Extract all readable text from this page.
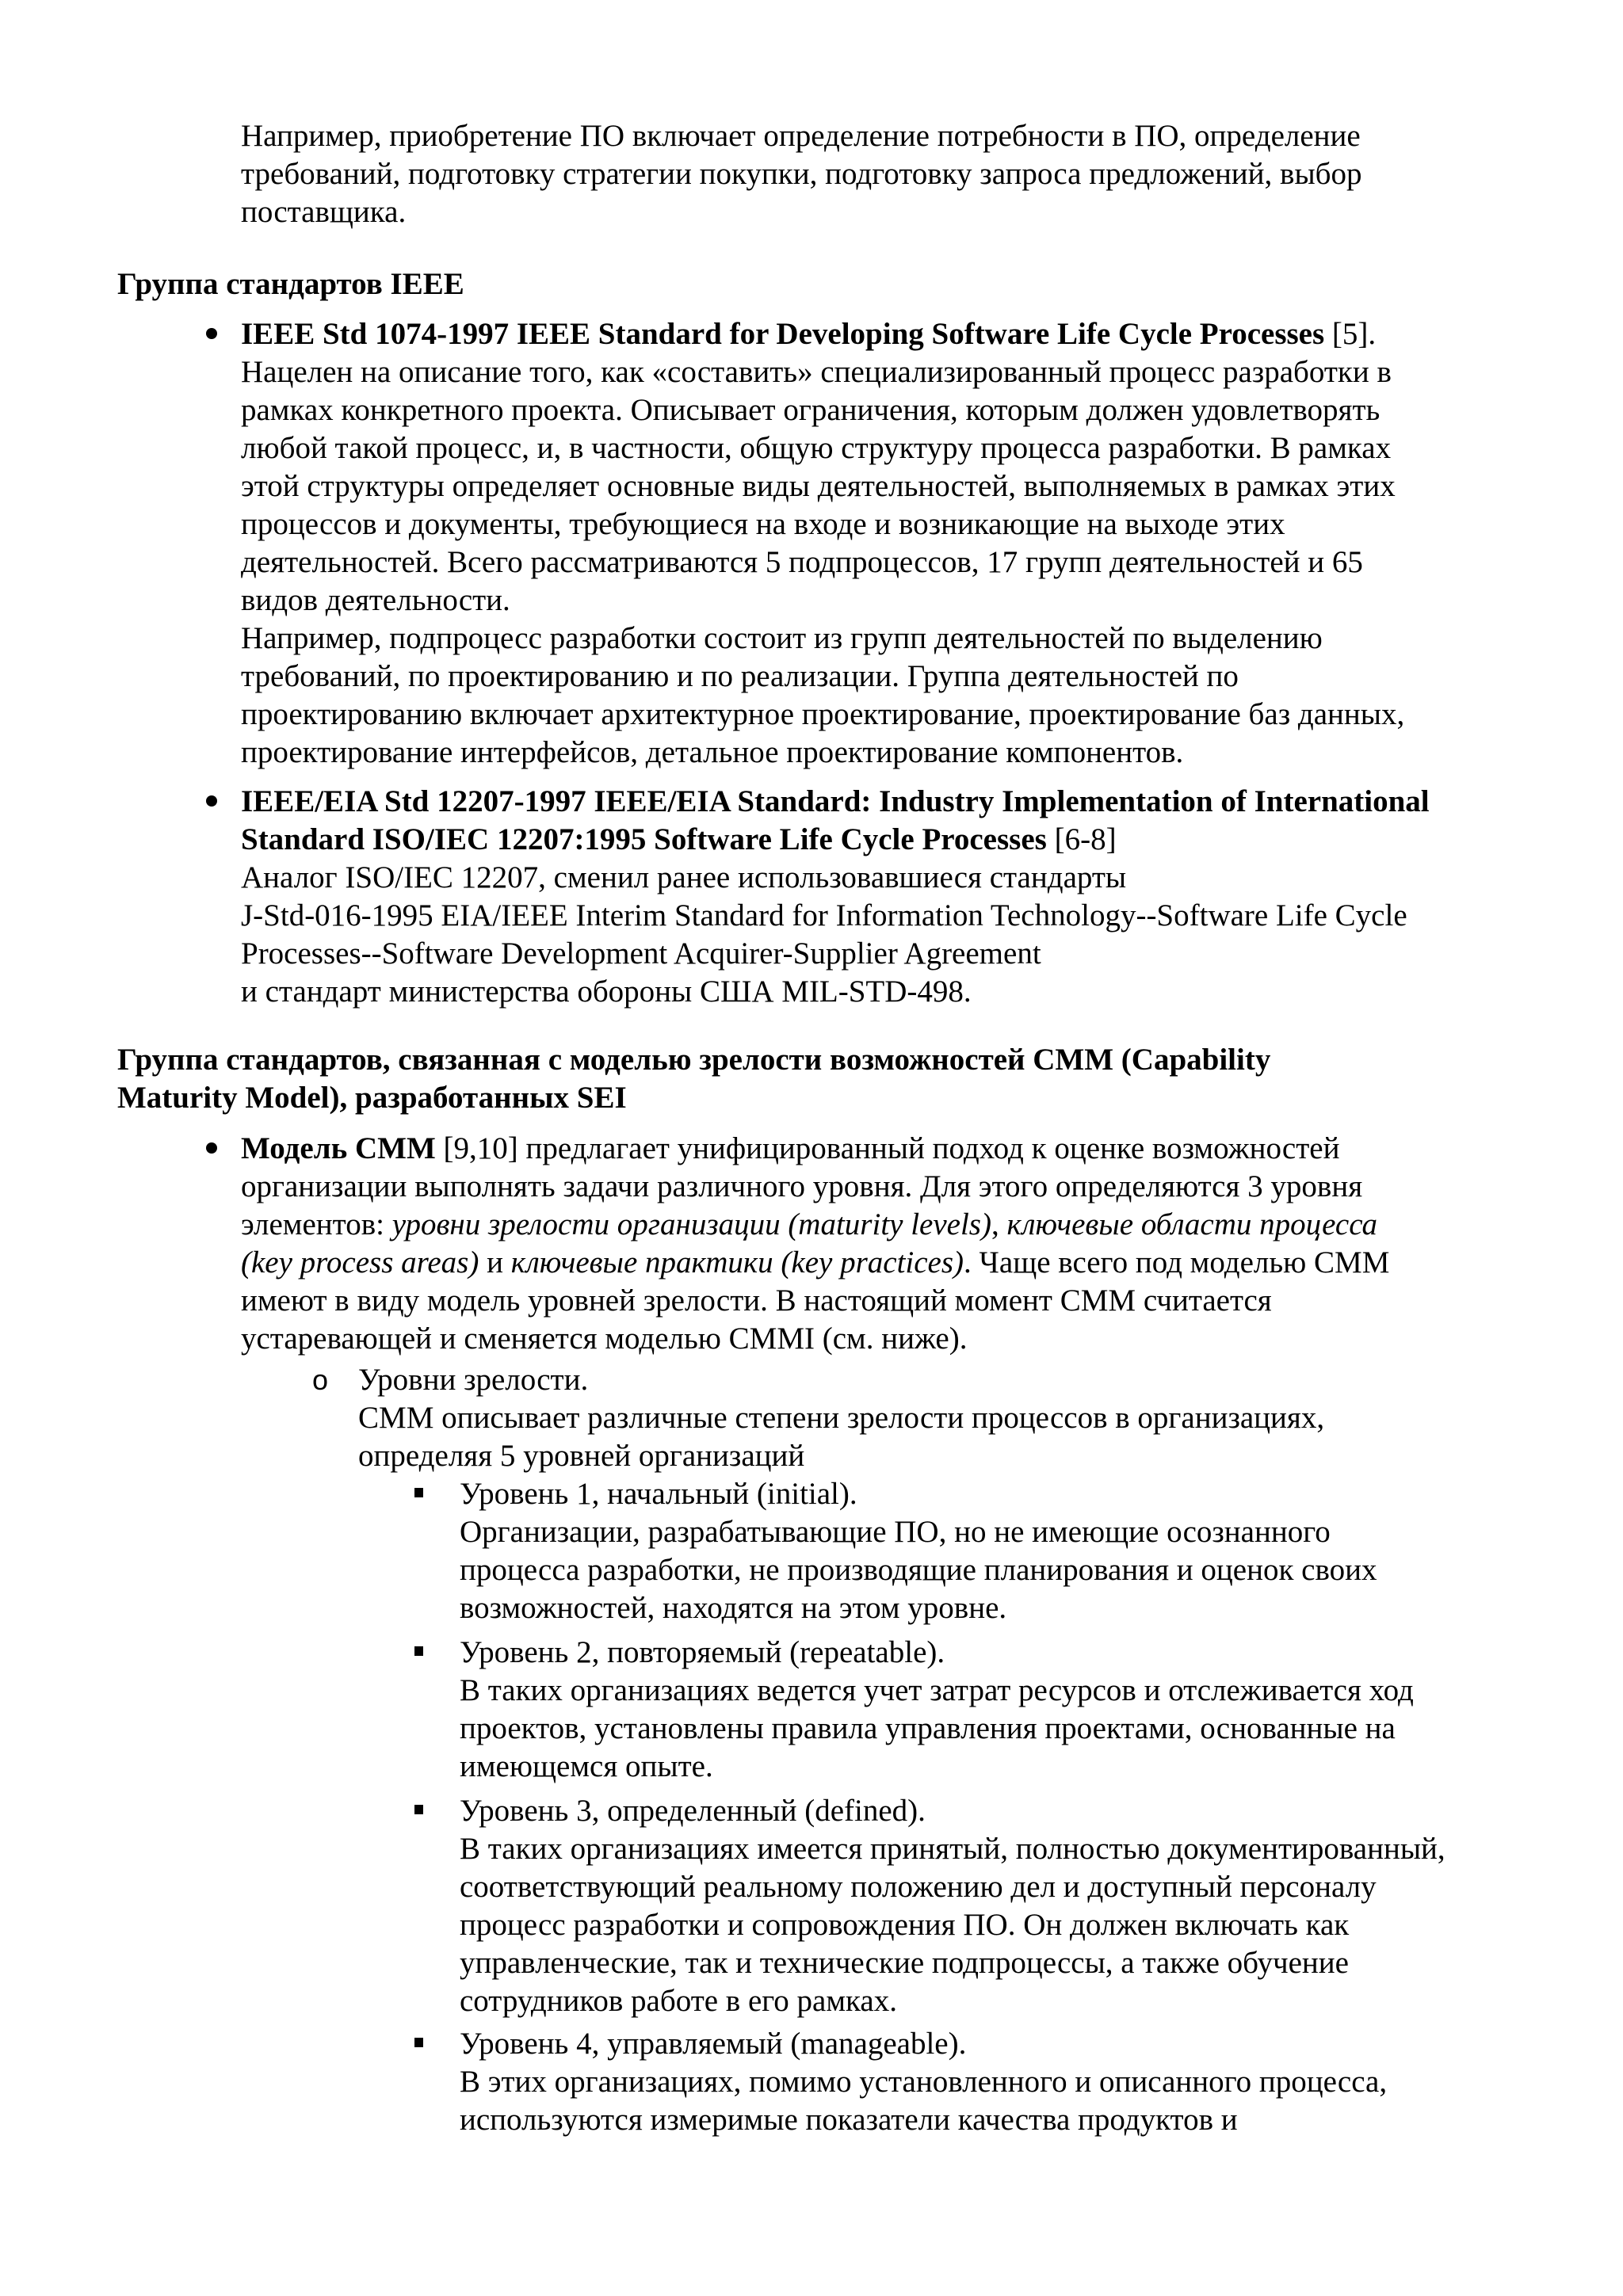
Например, приобретение ПО включает определение потребности в ПО, определение

требований, подготовку стратегии покупки, подготовку запроса предложений, выбор

поставщика.

Группа стандартов IEEE

IEEE Std 1074-1997 IEEE Standard for Developing Software Life Cycle Processes [5].

Нацелен на описание того, как «составить» специализированный процесс разработки в

рамках конкретного проекта. Описывает ограничения, которым должен удовлетворять

любой такой процесс, и, в частности, общую структуру процесса разработки. В рамках

этой структуры определяет основные виды деятельностей, выполняемых в рамках этих

процессов и документы, требующиеся на входе и возникающие на выходе этих

деятельностей. Всего рассматриваются 5 подпроцессов, 17 групп деятельностей и 65

видов деятельности.

Например, подпроцесс разработки состоит из групп деятельностей по выделению

требований, по проектированию и по реализации. Группа деятельностей по

проектированию включает архитектурное проектирование, проектирование баз данных,

проектирование интерфейсов, детальное проектирование компонентов.

IEEE/EIA Std 12207-1997 IEEE/EIA Standard: Industry Implementation of International

Standard ISO/IEC 12207:1995 Software Life Cycle Processes [6-8]

Аналог ISO/IEC 12207, сменил ранее использовавшиеся стандарты

J-Std-016-1995 EIA/IEEE Interim Standard for Information Technology--Software Life Cycle

Processes--Software Development Acquirer-Supplier Agreement

и стандарт министерства обороны США MIL-STD-498.

Группа стандартов, связанная с моделью зрелости возможностей CMM (Capability
Maturity Model), разработанных SEI

Модель CMM [9,10] предлагает унифицированный подход к оценке возможностей

организации выполнять задачи различного уровня. Для этого определяются 3 уровня

элементов: уровни зрелости организации (maturity levels), ключевые области процесса

(key process areas) и ключевые практики (key practices). Чаще всего под моделью CMM

имеют в виду модель уровней зрелости. В настоящий момент CMM считается

устаревающей и сменяется моделью CMMI (см. ниже).

o Уровни зрелости.

CMM описывает различные степени зрелости процессов в организациях,

определяя 5 уровней организаций

Уровень 1, начальный (initial).

Организации, разрабатывающие ПО, но не имеющие осознанного

процесса разработки, не производящие планирования и оценок своих

возможностей, находятся на этом уровне.

Уровень 2, повторяемый (repeatable).

В таких организациях ведется учет затрат ресурсов и отслеживается ход

проектов, установлены правила управления проектами, основанные на

имеющемся опыте.

Уровень 3, определенный (defined).

В таких организациях имеется принятый, полностью документированный,

соответствующий реальному положению дел и доступный персоналу

процесс разработки и сопровождения ПО. Он должен включать как

управленческие, так и технические подпроцессы, а также обучение

сотрудников работе в его рамках.

Уровень 4, управляемый (manageable).

В этих организациях, помимо установленного и описанного процесса,

используются измеримые показатели качества продуктов и
